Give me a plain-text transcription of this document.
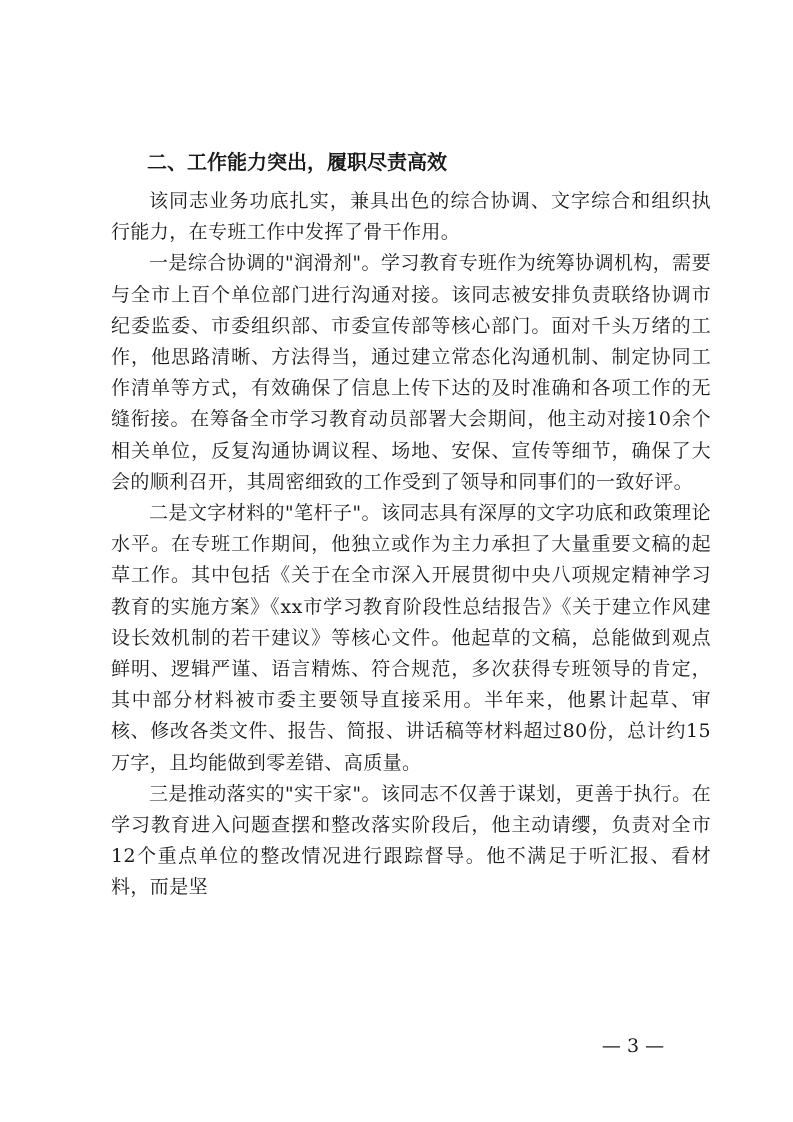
二、工作能力突出，履职尽责高效

该同志业务功底扎实，兼具出色的综合协调、文字综合和组织执行能力，在专班工作中发挥了骨干作用。

一是综合协调的"润滑剂"。学习教育专班作为统筹协调机构，需要与全市上百个单位部门进行沟通对接。该同志被安排负责联络协调市纪委监委、市委组织部、市委宣传部等核心部门。面对千头万绪的工作，他思路清晰、方法得当，通过建立常态化沟通机制、制定协同工作清单等方式，有效确保了信息上传下达的及时准确和各项工作的无缝衔接。在筹备全市学习教育动员部署大会期间，他主动对接10余个相关单位，反复沟通协调议程、场地、安保、宣传等细节，确保了大会的顺利召开，其周密细致的工作受到了领导和同事们的一致好评。

二是文字材料的"笔杆子"。该同志具有深厚的文字功底和政策理论水平。在专班工作期间，他独立或作为主力承担了大量重要文稿的起草工作。其中包括《关于在全市深入开展贯彻中央八项规定精神学习教育的实施方案》《xx市学习教育阶段性总结报告》《关于建立作风建设长效机制的若干建议》等核心文件。他起草的文稿，总能做到观点鲜明、逻辑严谨、语言精炼、符合规范，多次获得专班领导的肯定，其中部分材料被市委主要领导直接采用。半年来，他累计起草、审核、修改各类文件、报告、简报、讲话稿等材料超过80份，总计约15万字，且均能做到零差错、高质量。

三是推动落实的"实干家"。该同志不仅善于谋划，更善于执行。在学习教育进入问题查摆和整改落实阶段后，他主动请缨，负责对全市12个重点单位的整改情况进行跟踪督导。他不满足于听汇报、看材料，而是坚

— 3 —
